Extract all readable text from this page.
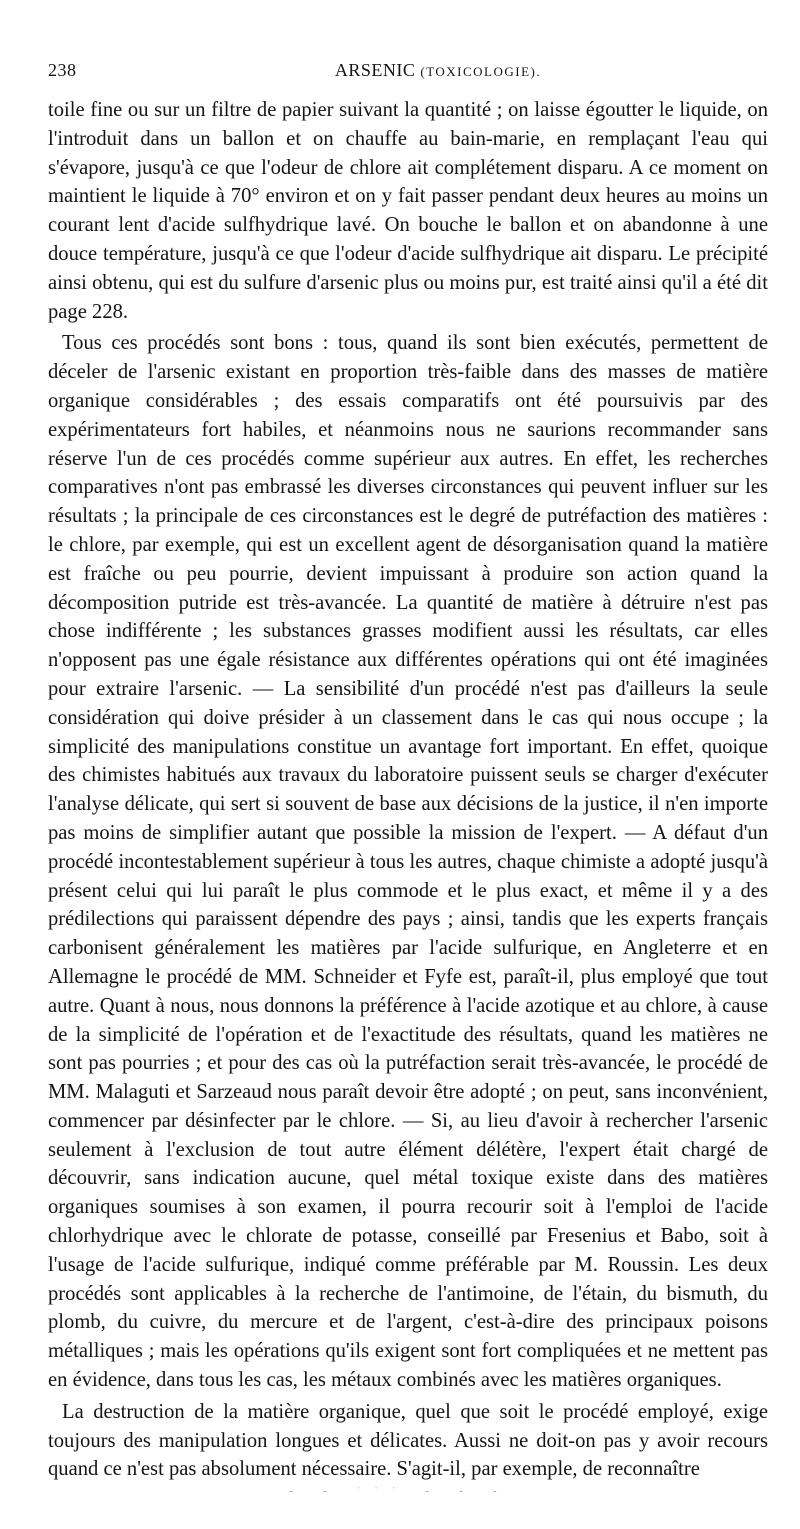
238	ARSENIC (TOXICOLOGIE).

toile fine ou sur un filtre de papier suivant la quantité ; on laisse égoutter le liquide, on l'introduit dans un ballon et on chauffe au bain-marie, en remplaçant l'eau qui s'évapore, jusqu'à ce que l'odeur de chlore ait complétement disparu. A ce moment on maintient le liquide à 70° environ et on y fait passer pendant deux heures au moins un courant lent d'acide sulfhydrique lavé. On bouche le ballon et on abandonne à une douce température, jusqu'à ce que l'odeur d'acide sulfhydrique ait disparu. Le précipité ainsi obtenu, qui est du sulfure d'arsenic plus ou moins pur, est traité ainsi qu'il a été dit page 228.

Tous ces procédés sont bons : tous, quand ils sont bien exécutés, permettent de déceler de l'arsenic existant en proportion très-faible dans des masses de matière organique considérables ; des essais comparatifs ont été poursuivis par des expérimentateurs fort habiles, et néanmoins nous ne saurions recommander sans réserve l'un de ces procédés comme supérieur aux autres. En effet, les recherches comparatives n'ont pas embrassé les diverses circonstances qui peuvent influer sur les résultats ; la principale de ces circonstances est le degré de putréfaction des matières : le chlore, par exemple, qui est un excellent agent de désorganisation quand la matière est fraîche ou peu pourrie, devient impuissant à produire son action quand la décomposition putride est très-avancée. La quantité de matière à détruire n'est pas chose indifférente ; les substances grasses modifient aussi les résultats, car elles n'opposent pas une égale résistance aux différentes opérations qui ont été imaginées pour extraire l'arsenic. — La sensibilité d'un procédé n'est pas d'ailleurs la seule considération qui doive présider à un classement dans le cas qui nous occupe ; la simplicité des manipulations constitue un avantage fort important. En effet, quoique des chimistes habitués aux travaux du laboratoire puissent seuls se charger d'exécuter l'analyse délicate, qui sert si souvent de base aux décisions de la justice, il n'en importe pas moins de simplifier autant que possible la mission de l'expert. — A défaut d'un procédé incontestablement supérieur à tous les autres, chaque chimiste a adopté jusqu'à présent celui qui lui paraît le plus commode et le plus exact, et même il y a des prédilections qui paraissent dépendre des pays ; ainsi, tandis que les experts français carbonisent généralement les matières par l'acide sulfurique, en Angleterre et en Allemagne le procédé de MM. Schneider et Fyfe est, paraît-il, plus employé que tout autre. Quant à nous, nous donnons la préférence à l'acide azotique et au chlore, à cause de la simplicité de l'opération et de l'exactitude des résultats, quand les matières ne sont pas pourries ; et pour des cas où la putréfaction serait très-avancée, le procédé de MM. Malaguti et Sarzeaud nous paraît devoir être adopté ; on peut, sans inconvénient, commencer par désinfecter par le chlore. — Si, au lieu d'avoir à rechercher l'arsenic seulement à l'exclusion de tout autre élément délétère, l'expert était chargé de découvrir, sans indication aucune, quel métal toxique existe dans des matières organiques soumises à son examen, il pourra recourir soit à l'emploi de l'acide chlorhydrique avec le chlorate de potasse, conseillé par Fresenius et Babo, soit à l'usage de l'acide sulfurique, indiqué comme préférable par M. Roussin. Les deux procédés sont applicables à la recherche de l'antimoine, de l'étain, du bismuth, du plomb, du cuivre, du mercure et de l'argent, c'est-à-dire des principaux poisons métalliques ; mais les opérations qu'ils exigent sont fort compliquées et ne mettent pas en évidence, dans tous les cas, les métaux combinés avec les matières organiques.

La destruction de la matière organique, quel que soit le procédé employé, exige toujours des manipulation longues et délicates. Aussi ne doit-on pas y avoir recours quand ce n'est pas absolument nécessaire. S'agit-il, par exemple, de reconnaître

- - ˈˈˈ - - -
